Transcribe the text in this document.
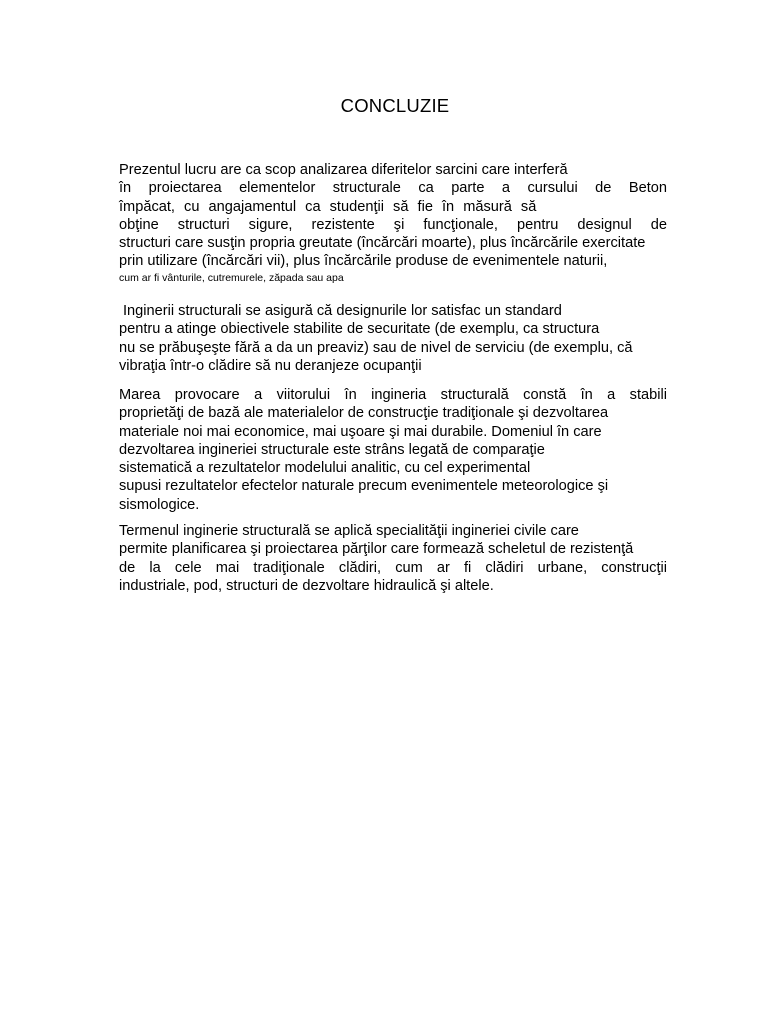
CONCLUZIE
Prezentul lucru are ca scop analizarea diferitelor sarcini care interferă
în proiectarea elementelor structurale ca parte a cursului de Beton
împăcat, cu angajamentul ca studenţii să fie în măsură să
obţine structuri sigure, rezistente şi funcţionale, pentru designul de
structuri care susţin propria greutate (încărcări moarte), plus încărcările exercitate
prin utilizare (încărcări vii), plus încărcările produse de evenimentele naturii,
cum ar fi vânturile, cutremurele, zăpada sau apa
Inginerii structurali se asigură că designurile lor satisfac un standard
pentru a atinge obiectivele stabilite de securitate (de exemplu, ca structura
nu se prăbuşeşte fără a da un preaviz) sau de nivel de serviciu (de exemplu, că
vibraţia într-o clădire să nu deranjeze ocupanţii
Marea provocare a viitorului în ingineria structurală constă în a stabili
proprietăţi de bază ale materialelor de construcţie tradiţionale şi dezvoltarea
materiale noi mai economice, mai uşoare şi mai durabile. Domeniul în care
dezvoltarea ingineriei structurale este strâns legată de comparaţie
sistematică a rezultatelor modelului analitic, cu cel experimental
supusi rezultatelor efectelor naturale precum evenimentele meteorologice şi
sismologice.
Termenul inginerie structurală se aplică specialităţii ingineriei civile care
permite planificarea şi proiectarea părţilor care formează scheletul de rezistenţă
de la cele mai tradiţionale clădiri, cum ar fi clădiri urbane, construcţii
industriale, pod, structuri de dezvoltare hidraulică şi altele.
